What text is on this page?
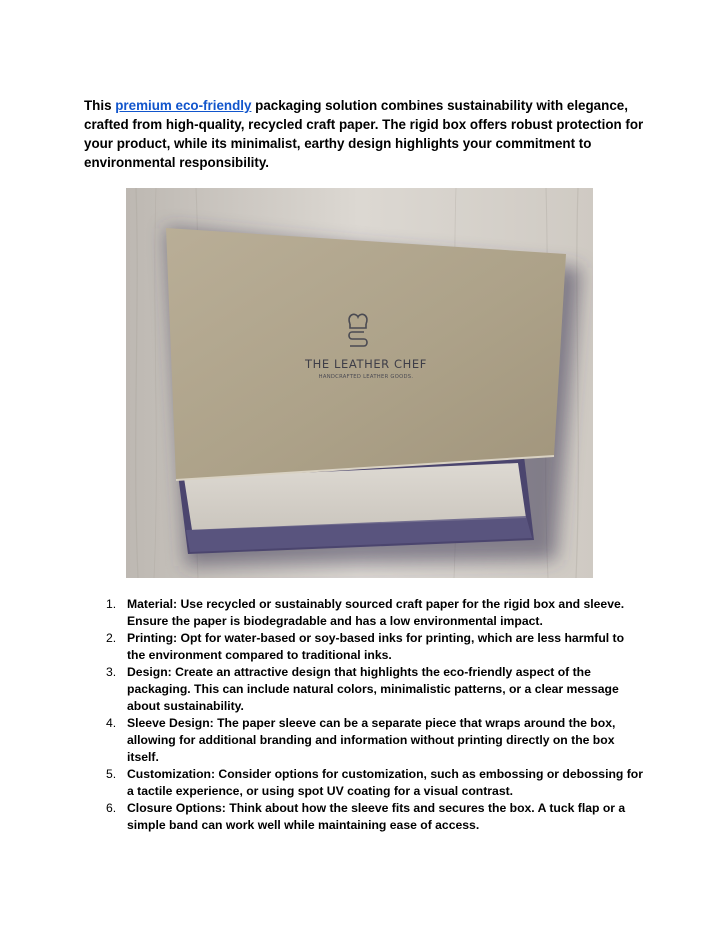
This premium eco-friendly packaging solution combines sustainability with elegance, crafted from high-quality, recycled craft paper. The rigid box offers robust protection for your product, while its minimalist, earthy design highlights your commitment to environmental responsibility.

THE LEATHER CHEF
HANDCRAFTED LEATHER GOODS.
1. Material: Use recycled or sustainably sourced craft paper for the rigid box and sleeve. Ensure the paper is biodegradable and has a low environmental impact.
2. Printing: Opt for water-based or soy-based inks for printing, which are less harmful to the environment compared to traditional inks.
3. Design: Create an attractive design that highlights the eco-friendly aspect of the packaging. This can include natural colors, minimalistic patterns, or a clear message about sustainability.
4. Sleeve Design: The paper sleeve can be a separate piece that wraps around the box, allowing for additional branding and information without printing directly on the box itself.
5. Customization: Consider options for customization, such as embossing or debossing for a tactile experience, or using spot UV coating for a visual contrast.
6. Closure Options: Think about how the sleeve fits and secures the box. A tuck flap or a simple band can work well while maintaining ease of access.
